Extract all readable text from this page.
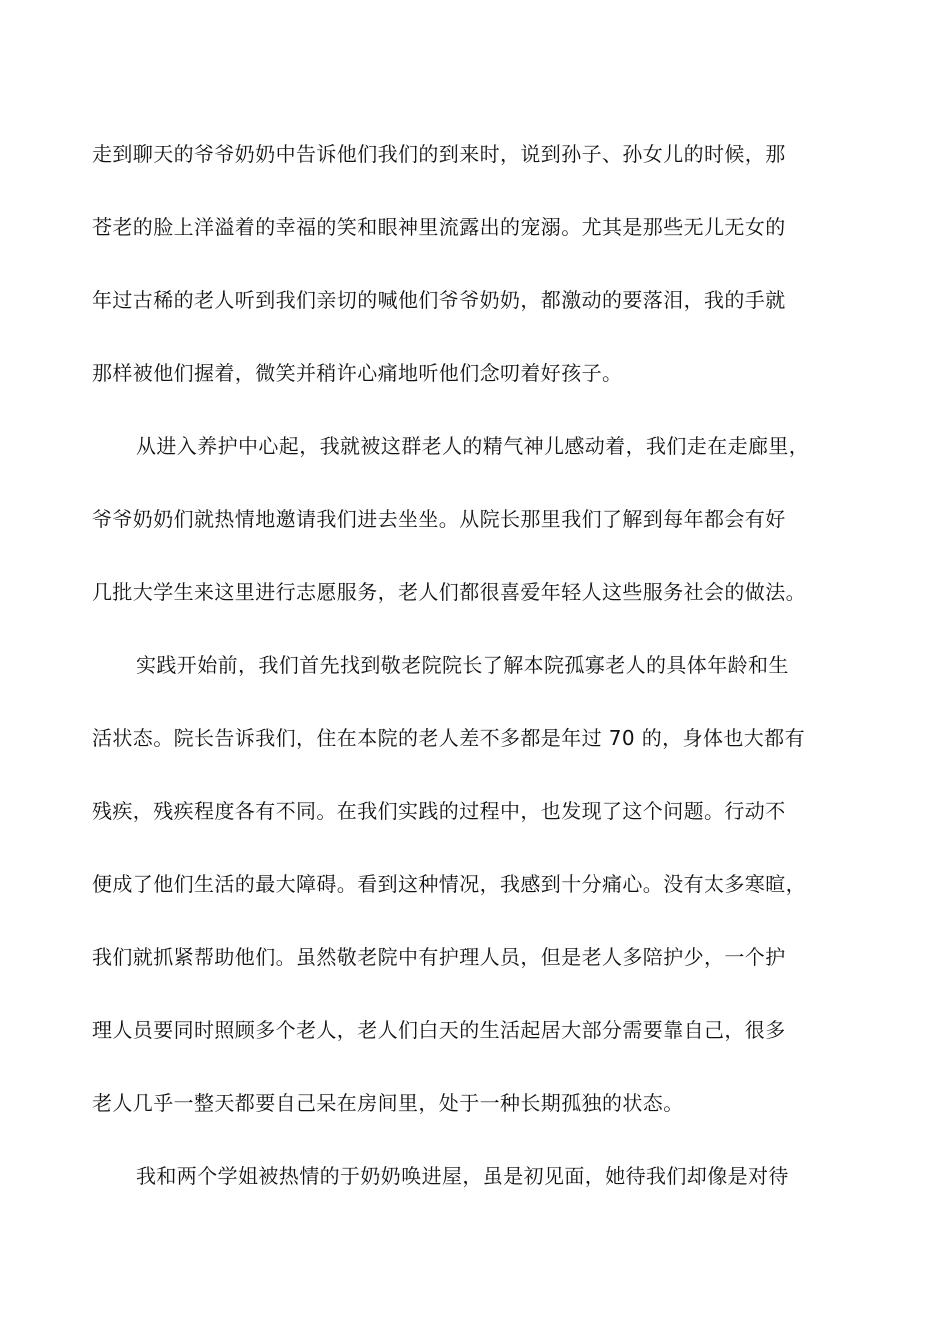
走到聊天的爷爷奶奶中告诉他们我们的到来时，说到孙子、孙女儿的时候，那
苍老的脸上洋溢着的幸福的笑和眼神里流露出的宠溺。尤其是那些无儿无女的
年过古稀的老人听到我们亲切的喊他们爷爷奶奶，都激动的要落泪，我的手就
那样被他们握着，微笑并稍许心痛地听他们念叨着好孩子。
从进入养护中心起，我就被这群老人的精气神儿感动着，我们走在走廊里，
爷爷奶奶们就热情地邀请我们进去坐坐。从院长那里我们了解到每年都会有好
几批大学生来这里进行志愿服务，老人们都很喜爱年轻人这些服务社会的做法。
实践开始前，我们首先找到敬老院院长了解本院孤寡老人的具体年龄和生
活状态。院长告诉我们，住在本院的老人差不多都是年过 70 的，身体也大都有
残疾，残疾程度各有不同。在我们实践的过程中，也发现了这个问题。行动不
便成了他们生活的最大障碍。看到这种情况，我感到十分痛心。没有太多寒暄，
我们就抓紧帮助他们。虽然敬老院中有护理人员，但是老人多陪护少，一个护
理人员要同时照顾多个老人，老人们白天的生活起居大部分需要靠自己，很多
老人几乎一整天都要自己呆在房间里，处于一种长期孤独的状态。
我和两个学姐被热情的于奶奶唤进屋，虽是初见面，她待我们却像是对待
